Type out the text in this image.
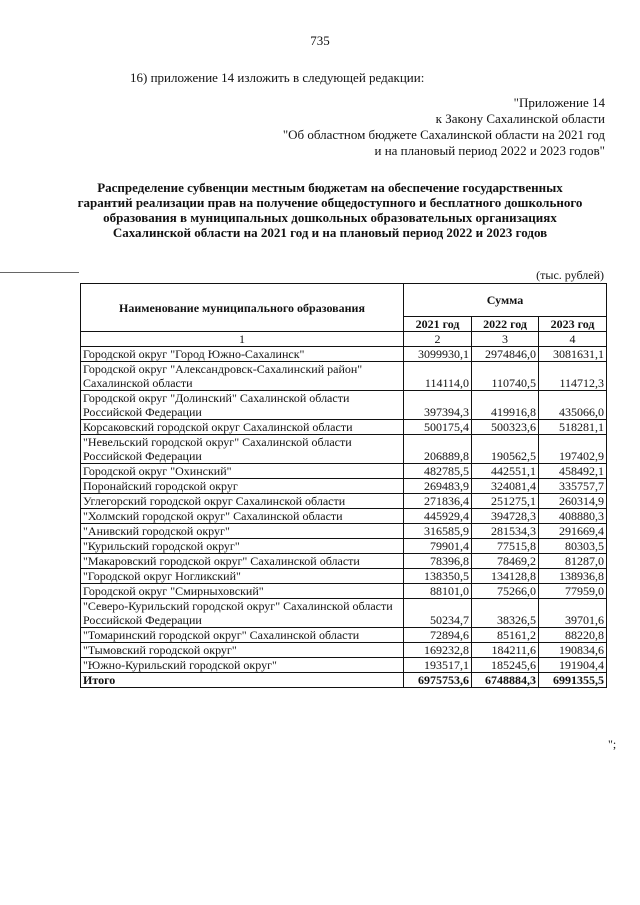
735
16) приложение 14 изложить в следующей редакции:
"Приложение 14
к Закону Сахалинской области
"Об областном бюджете Сахалинской области на 2021 год
и на плановый период 2022 и 2023 годов"
Распределение субвенции местным бюджетам на обеспечение государственных
гарантий реализации прав на получение общедоступного и бесплатного дошкольного
образования в муниципальных дошкольных образовательных организациях
Сахалинской области на 2021 год и на плановый период 2022 и 2023 годов
(тыс. рублей)
Наименование муниципального образования	Сумма		
	2021 год	2022 год	2023 год
1	2	3	4
Городской округ "Город Южно-Сахалинск"	3099930,1	2974846,0	3081631,1
Городской округ "Александровск-Сахалинский район" Сахалинской области	114114,0	110740,5	114712,3
Городской округ "Долинский" Сахалинской области Российской Федерации	397394,3	419916,8	435066,0
Корсаковский городской округ Сахалинской области	500175,4	500323,6	518281,1
"Невельский городской округ" Сахалинской области Российской Федерации	206889,8	190562,5	197402,9
Городской округ "Охинский"	482785,5	442551,1	458492,1
Поронайский городской округ	269483,9	324081,4	335757,7
Углегорский городской округ Сахалинской области	271836,4	251275,1	260314,9
"Холмский городской округ" Сахалинской области	445929,4	394728,3	408880,3
"Анивский городской округ"	316585,9	281534,3	291669,4
"Курильский городской округ"	79901,4	77515,8	80303,5
"Макаровский городской округ" Сахалинской области	78396,8	78469,2	81287,0
"Городской округ Ногликский"	138350,5	134128,8	138936,8
Городской округ "Смирныховский"	88101,0	75266,0	77959,0
"Северо-Курильский городской округ" Сахалинской области Российской Федерации	50234,7	38326,5	39701,6
"Томаринский городской округ" Сахалинской области	72894,6	85161,2	88220,8
"Тымовский городской округ"	169232,8	184211,6	190834,6
"Южно-Курильский городской округ"	193517,1	185245,6	191904,4
Итого	6975753,6	6748884,3	6991355,5
";
